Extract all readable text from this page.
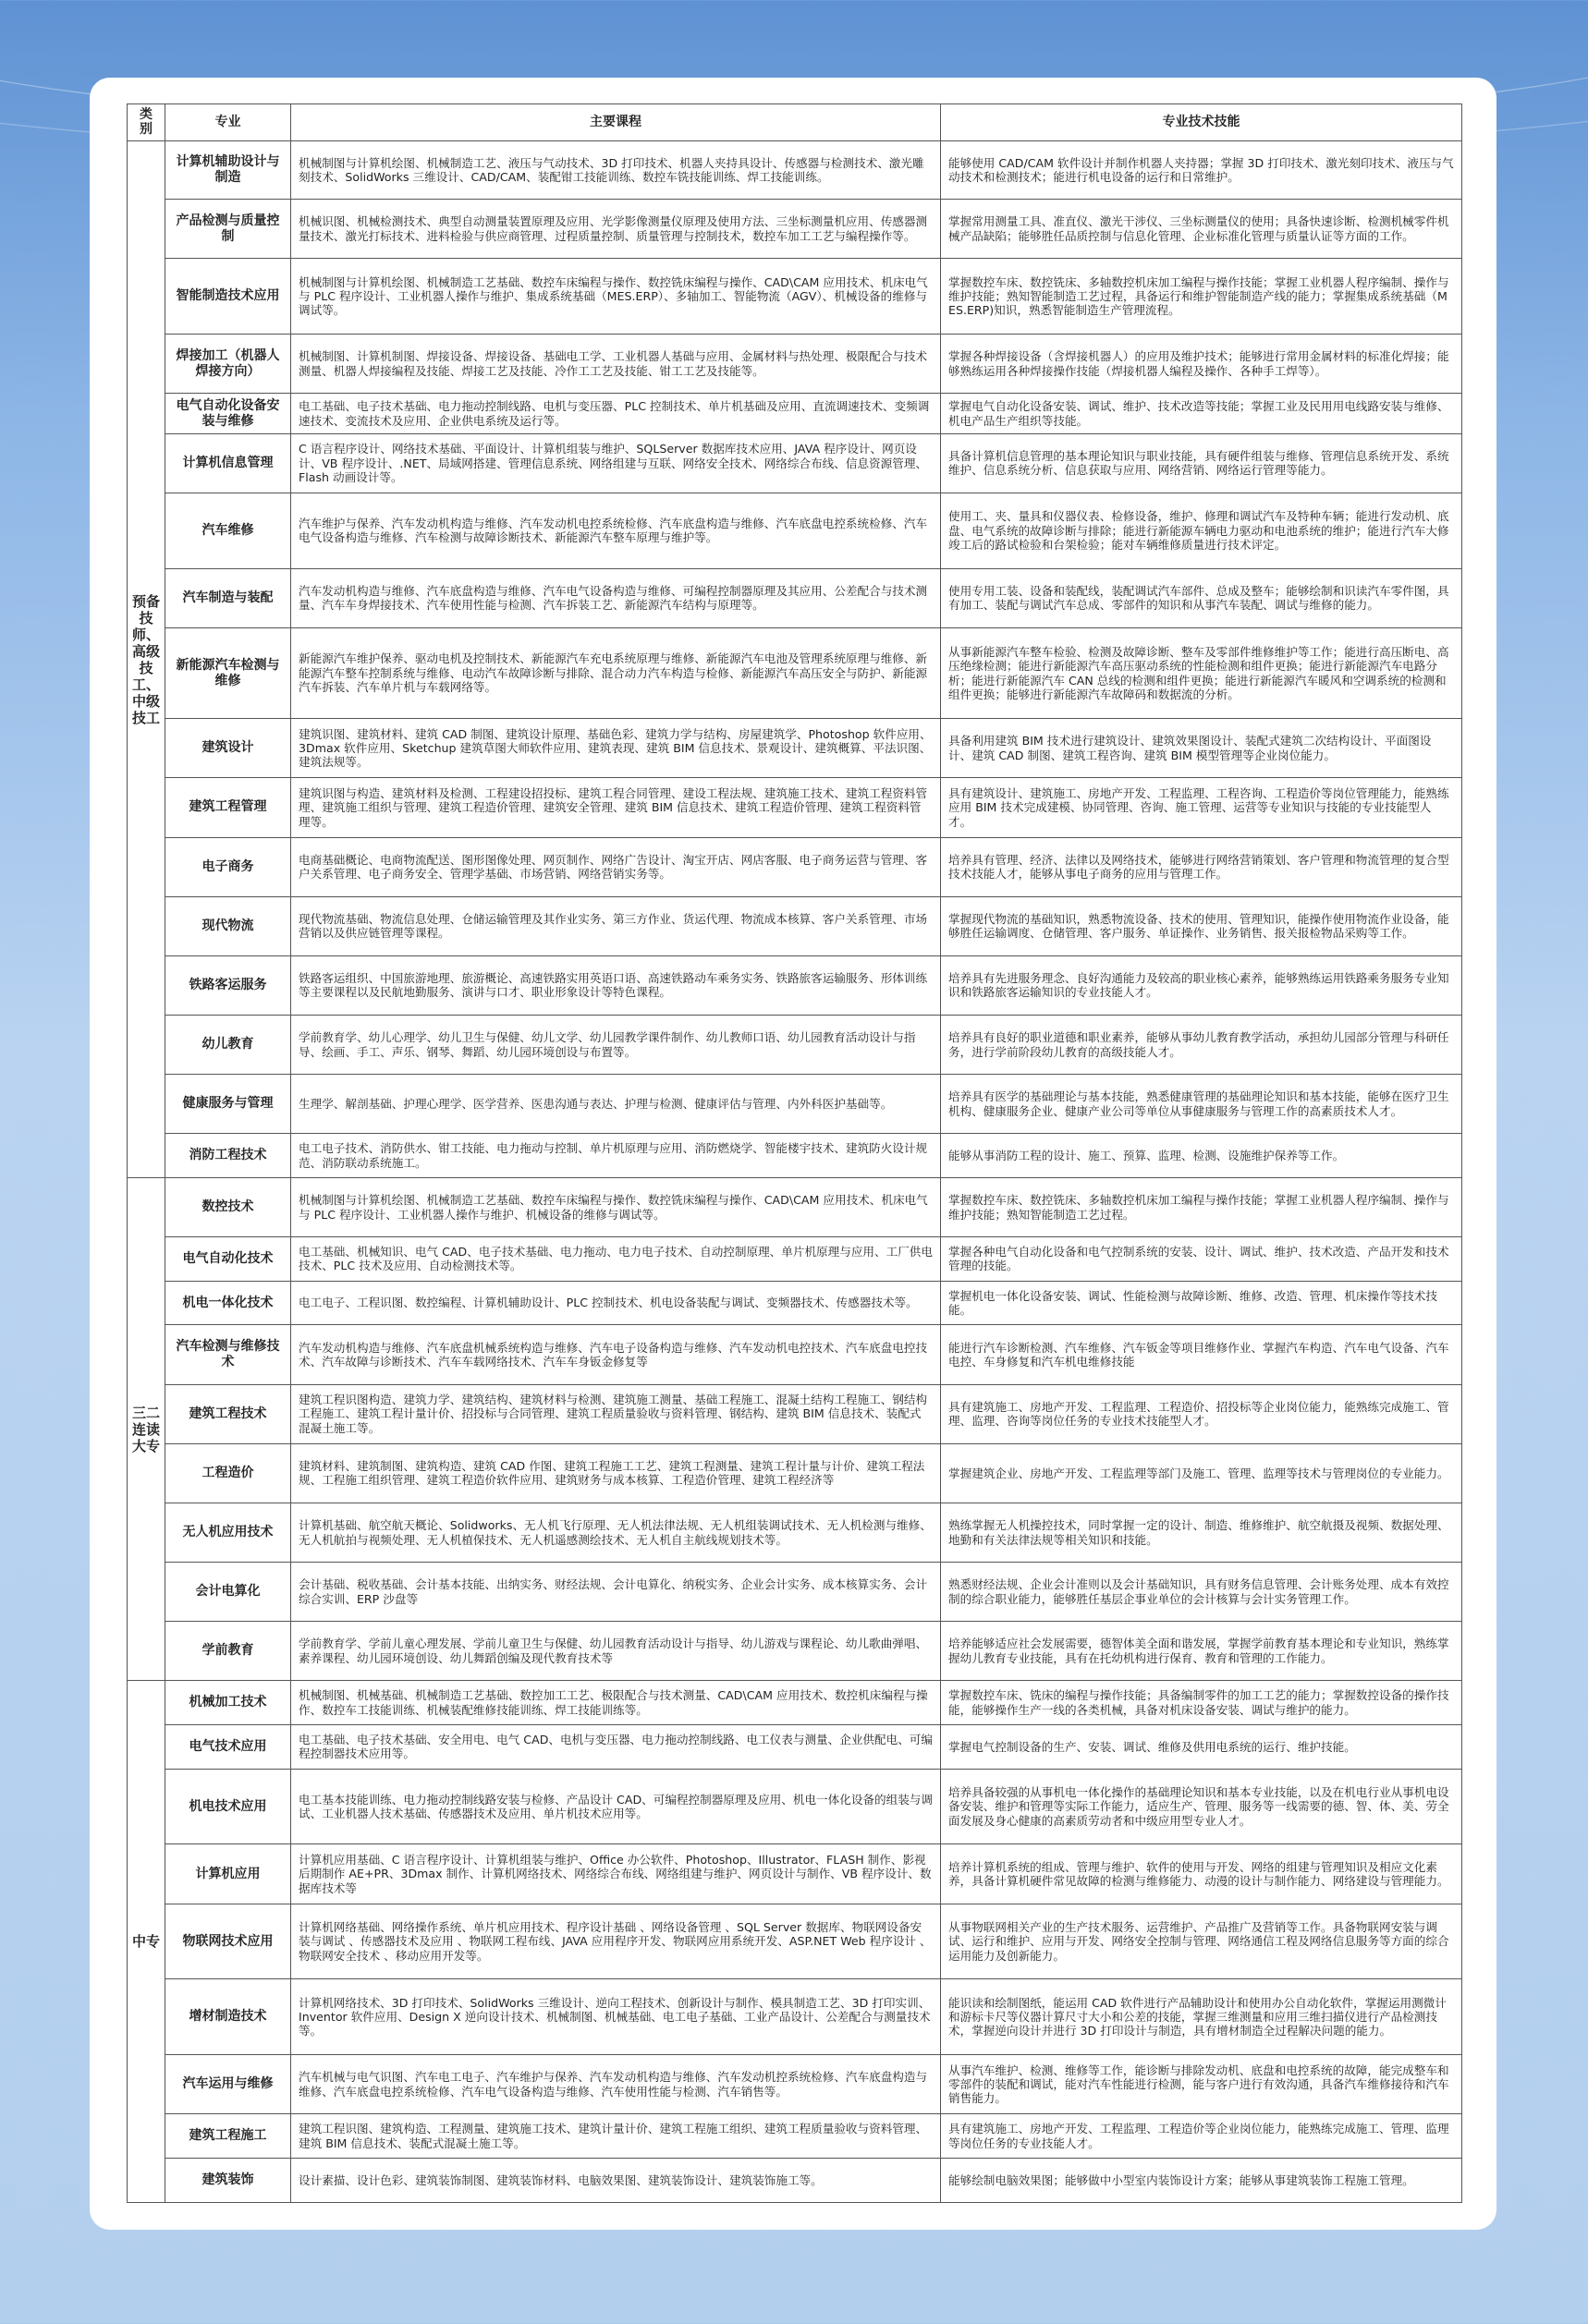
类别	专业	主要课程	专业技术技能
预备技师、高级技工、中级技工	计算机辅助设计与制造	机械制图与计算机绘图、机械制造工艺、液压与气动技术、3D 打印技术、机器人夹持具设计、传感器与检测技术、激光雕刻技术、SolidWorks 三维设计、CAD/CAM、装配钳工技能训练、数控车铣技能训练、焊工技能训练。	能够使用 CAD/CAM 软件设计并制作机器人夹持器；掌握 3D 打印技术、激光刻印技术、液压与气动技术和检测技术；能进行机电设备的运行和日常维护。
	产品检测与质量控制	机械识图、机械检测技术、典型自动测量装置原理及应用、光学影像测量仪原理及使用方法、三坐标测量机应用、传感器测量技术、激光打标技术、进料检验与供应商管理、过程质量控制、质量管理与控制技术，数控车加工工艺与编程操作等。	掌握常用测量工具、准直仪、激光干涉仪、三坐标测量仪的使用；具备快速诊断、检测机械零件机械产品缺陷；能够胜任品质控制与信息化管理、企业标准化管理与质量认证等方面的工作。
	智能制造技术应用	机械制图与计算机绘图、机械制造工艺基础、数控车床编程与操作、数控铣床编程与操作、CAD\CAM 应用技术、机床电气与 PLC 程序设计、工业机器人操作与维护、集成系统基础（MES.ERP）、多轴加工、智能物流（AGV）、机械设备的维修与调试等。	掌握数控车床、数控铣床、多轴数控机床加工编程与操作技能；掌握工业机器人程序编制、操作与维护技能；熟知智能制造工艺过程，具备运行和维护智能制造产线的能力；掌握集成系统基础（MES.ERP)知识，熟悉智能制造生产管理流程。
	焊接加工（机器人焊接方向）	机械制图、计算机制图、焊接设备、焊接设备、基础电工学、工业机器人基础与应用、金属材料与热处理、极限配合与技术测量、机器人焊接编程及技能、焊接工艺及技能、冷作工工艺及技能、钳工工艺及技能等。	掌握各种焊接设备（含焊接机器人）的应用及维护技术；能够进行常用金属材料的标准化焊接；能够熟练运用各种焊接操作技能（焊接机器人编程及操作、各种手工焊等）。
	电气自动化设备安装与维修	电工基础、电子技术基础、电力拖动控制线路、电机与变压器、PLC 控制技术、单片机基础及应用、直流调速技术、变频调速技术、变流技术及应用、企业供电系统及运行等。	掌握电气自动化设备安装、调试、维护、技术改造等技能；掌握工业及民用用电线路安装与维修、机电产品生产组织等技能。
	计算机信息管理	C 语言程序设计、网络技术基础、平面设计、计算机组装与维护、SQLServer 数据库技术应用、JAVA 程序设计、网页设计、VB 程序设计、.NET、局域网搭建、管理信息系统、网络组建与互联、网络安全技术、网络综合布线、信息资源管理、Flash 动画设计等。	具备计算机信息管理的基本理论知识与职业技能，具有硬件组装与维修、管理信息系统开发、系统维护、信息系统分析、信息获取与应用、网络营销、网络运行管理等能力。
	汽车维修	汽车维护与保养、汽车发动机构造与维修、汽车发动机电控系统检修、汽车底盘构造与维修、汽车底盘电控系统检修、汽车电气设备构造与维修、汽车检测与故障诊断技术、新能源汽车整车原理与维护等。	使用工、夹、量具和仪器仪表、检修设备，维护、修理和调试汽车及特种车辆；能进行发动机、底盘、电气系统的故障诊断与排除；能进行新能源车辆电力驱动和电池系统的维护；能进行汽车大修竣工后的路试检验和台架检验；能对车辆维修质量进行技术评定。
	汽车制造与装配	汽车发动机构造与维修、汽车底盘构造与维修、汽车电气设备构造与维修、可编程控制器原理及其应用、公差配合与技术测量、汽车车身焊接技术、汽车使用性能与检测、汽车拆装工艺、新能源汽车结构与原理等。	使用专用工装、设备和装配线，装配调试汽车部件、总成及整车；能够绘制和识读汽车零件图，具有加工、装配与调试汽车总成、零部件的知识和从事汽车装配、调试与维修的能力。
	新能源汽车检测与维修	新能源汽车维护保养、驱动电机及控制技术、新能源汽车充电系统原理与维修、新能源汽车电池及管理系统原理与维修、新能源汽车整车控制系统与维修、电动汽车故障诊断与排除、混合动力汽车构造与检修、新能源汽车高压安全与防护、新能源汽车拆装、汽车单片机与车载网络等。	从事新能源汽车整车检验、检测及故障诊断、整车及零部件维修维护等工作；能进行高压断电、高压绝缘检测；能进行新能源汽车高压驱动系统的性能检测和组件更换；能进行新能源汽车电路分析；能进行新能源汽车 CAN 总线的检测和组件更换；能进行新能源汽车暖风和空调系统的检测和组件更换；能够进行新能源汽车故障码和数据流的分析。
	建筑设计	建筑识图、建筑材料、建筑 CAD 制图、建筑设计原理、基础色彩、建筑力学与结构、房屋建筑学、Photoshop 软件应用、3Dmax 软件应用、Sketchup 建筑草图大师软件应用、建筑表现、建筑 BIM 信息技术、景观设计、建筑概算、平法识图、建筑法规等。	具备利用建筑 BIM 技术进行建筑设计、建筑效果图设计、装配式建筑二次结构设计、平面图设计、建筑 CAD 制图、建筑工程咨询、建筑 BIM 模型管理等企业岗位能力。
	建筑工程管理	建筑识图与构造、建筑材料及检测、工程建设招投标、建筑工程合同管理、建设工程法规、建筑施工技术、建筑工程资料管理、建筑施工组织与管理、建筑工程造价管理、建筑安全管理、建筑 BIM 信息技术、建筑工程造价管理、建筑工程资料管理等。	具有建筑设计、建筑施工、房地产开发、工程监理、工程咨询、工程造价等岗位管理能力，能熟练应用 BIM 技术完成建模、协同管理、咨询、施工管理、运营等专业知识与技能的专业技能型人才。
	电子商务	电商基础概论、电商物流配送、图形图像处理、网页制作、网络广告设计、淘宝开店、网店客服、电子商务运营与管理、客户关系管理、电子商务安全、管理学基础、市场营销、网络营销实务等。	培养具有管理、经济、法律以及网络技术，能够进行网络营销策划、客户管理和物流管理的复合型技术技能人才，能够从事电子商务的应用与管理工作。
	现代物流	现代物流基础、物流信息处理、仓储运输管理及其作业实务、第三方作业、货运代理、物流成本核算、客户关系管理、市场营销以及供应链管理等课程。	掌握现代物流的基础知识，熟悉物流设备、技术的使用、管理知识，能操作使用物流作业设备，能够胜任运输调度、仓储管理、客户服务、单证操作、业务销售、报关报检物品采购等工作。
	铁路客运服务	铁路客运组织、中国旅游地理、旅游概论、高速铁路实用英语口语、高速铁路动车乘务实务、铁路旅客运输服务、形体训练等主要课程以及民航地勤服务、演讲与口才、职业形象设计等特色课程。	培养具有先进服务理念、良好沟通能力及较高的职业核心素养，能够熟练运用铁路乘务服务专业知识和铁路旅客运输知识的专业技能人才。
	幼儿教育	学前教育学、幼儿心理学、幼儿卫生与保健、幼儿文学、幼儿园教学课件制作、幼儿教师口语、幼儿园教育活动设计与指导、绘画、手工、声乐、钢琴、舞蹈、幼儿园环境创设与布置等。	培养具有良好的职业道德和职业素养，能够从事幼儿教育教学活动，承担幼儿园部分管理与科研任务，进行学前阶段幼儿教育的高级技能人才。
	健康服务与管理	生理学、解剖基础、护理心理学、医学营养、医患沟通与表达、护理与检测、健康评估与管理、内外科医护基础等。	培养具有医学的基础理论与基本技能，熟悉健康管理的基础理论知识和基本技能，能够在医疗卫生机构、健康服务企业、健康产业公司等单位从事健康服务与管理工作的高素质技术人才。
	消防工程技术	电工电子技术、消防供水、钳工技能、电力拖动与控制、单片机原理与应用、消防燃烧学、智能楼宇技术、建筑防火设计规范、消防联动系统施工。	能够从事消防工程的设计、施工、预算、监理、检测、设施维护保养等工作。
三二连读大专	数控技术	机械制图与计算机绘图、机械制造工艺基础、数控车床编程与操作、数控铣床编程与操作、CAD\CAM 应用技术、机床电气与 PLC 程序设计、工业机器人操作与维护、机械设备的维修与调试等。	掌握数控车床、数控铣床、多轴数控机床加工编程与操作技能；掌握工业机器人程序编制、操作与维护技能；熟知智能制造工艺过程。
	电气自动化技术	电工基础、机械知识、电气 CAD、电子技术基础、电力拖动、电力电子技术、自动控制原理、单片机原理与应用、工厂供电技术、PLC 技术及应用、自动检测技术等。	掌握各种电气自动化设备和电气控制系统的安装、设计、调试、维护、技术改造、产品开发和技术管理的技能。
	机电一体化技术	电工电子、工程识图、数控编程、计算机辅助设计、PLC 控制技术、机电设备装配与调试、变频器技术、传感器技术等。	掌握机电一体化设备安装、调试、性能检测与故障诊断、维修、改造、管理、机床操作等技术技能。
	汽车检测与维修技术	汽车发动机构造与维修、汽车底盘机械系统构造与维修、汽车电子设备构造与维修、汽车发动机电控技术、汽车底盘电控技术、汽车故障与诊断技术、汽车车载网络技术、汽车车身钣金修复等	能进行汽车诊断检测、汽车维修、汽车钣金等项目维修作业、掌握汽车构造、汽车电气设备、汽车电控、车身修复和汽车机电维修技能
	建筑工程技术	建筑工程识图构造、建筑力学、建筑结构、建筑材料与检测、建筑施工测量、基础工程施工、混凝土结构工程施工、钢结构工程施工、建筑工程计量计价、招投标与合同管理、建筑工程质量验收与资料管理、钢结构、建筑 BIM 信息技术、装配式混凝土施工等。	具有建筑施工、房地产开发、工程监理、工程造价、招投标等企业岗位能力，能熟练完成施工、管理、监理、咨询等岗位任务的专业技术技能型人才。
	工程造价	建筑材料、建筑制图、建筑构造、建筑 CAD 作图、建筑工程施工工艺、建筑工程测量、建筑工程计量与计价、建筑工程法规、工程施工组织管理、建筑工程造价软件应用、建筑财务与成本核算、工程造价管理、建筑工程经济等	掌握建筑企业、房地产开发、工程监理等部门及施工、管理、监理等技术与管理岗位的专业能力。
	无人机应用技术	计算机基础、航空航天概论、Solidworks、无人机飞行原理、无人机法律法规、无人机组装调试技术、无人机检测与维修、无人机航拍与视频处理、无人机植保技术、无人机遥感测绘技术、无人机自主航线规划技术等。	熟练掌握无人机操控技术，同时掌握一定的设计、制造、维修维护、航空航摄及视频、数据处理、地勤和有关法律法规等相关知识和技能。
	会计电算化	会计基础、税收基础、会计基本技能、出纳实务、财经法规、会计电算化、纳税实务、企业会计实务、成本核算实务、会计综合实训、ERP 沙盘等	熟悉财经法规、企业会计准则以及会计基础知识，具有财务信息管理、会计账务处理、成本有效控制的综合职业能力，能够胜任基层企事业单位的会计核算与会计实务管理工作。
	学前教育	学前教育学、学前儿童心理发展、学前儿童卫生与保健、幼儿园教育活动设计与指导、幼儿游戏与课程论、幼儿歌曲弹唱、素养课程、幼儿园环境创设、幼儿舞蹈创编及现代教育技术等	培养能够适应社会发展需要，德智体美全面和谐发展，掌握学前教育基本理论和专业知识，熟练掌握幼儿教育专业技能，具有在托幼机构进行保育、教育和管理的工作能力。
中专	机械加工技术	机械制图、机械基础、机械制造工艺基础、数控加工工艺、极限配合与技术测量、CAD\CAM 应用技术、数控机床编程与操作、数控车工技能训练、机械装配维修技能训练、焊工技能训练等。	掌握数控车床、铣床的编程与操作技能；具备编制零件的加工工艺的能力；掌握数控设备的操作技能，能够操作生产一线的各类机械，具备对机床设备安装、调试与维护的能力。
	电气技术应用	电工基础、电子技术基础、安全用电、电气 CAD、电机与变压器、电力拖动控制线路、电工仪表与测量、企业供配电、可编程控制器技术应用等。	掌握电气控制设备的生产、安装、调试、维修及供用电系统的运行、维护技能。
	机电技术应用	电工基本技能训练、电力拖动控制线路安装与检修、产品设计 CAD、可编程控制器原理及应用、机电一体化设备的组装与调试、工业机器人技术基础、传感器技术及应用、单片机技术应用等。	培养具备较强的从事机电一体化操作的基础理论知识和基本专业技能，以及在机电行业从事机电设备安装、维护和管理等实际工作能力，适应生产、管理、服务等一线需要的德、智、体、美、劳全面发展及身心健康的高素质劳动者和中级应用型专业人才。
	计算机应用	计算机应用基础、C 语言程序设计、计算机组装与维护、Office 办公软件、Photoshop、Illustrator、FLASH 制作、影视后期制作 AE+PR、3Dmax 制作、计算机网络技术、网络综合布线、网络组建与维护、网页设计与制作、VB 程序设计、数据库技术等	培养计算机系统的组成、管理与维护、软件的使用与开发、网络的组建与管理知识及相应文化素养，具备计算机硬件常见故障的检测与维修能力、动漫的设计与制作能力、网络建设与管理能力。
	物联网技术应用	计算机网络基础、网络操作系统、单片机应用技术、程序设计基础 、网络设备管理 、SQL Server 数据库、物联网设备安装与调试 、传感器技术及应用 、物联网工程布线、JAVA 应用程序开发、物联网应用系统开发、ASP.NET Web 程序设计 、物联网安全技术 、移动应用开发等。	从事物联网相关产业的生产技术服务、运营维护、产品推广及营销等工作。具备物联网安装与调试、运行和维护、应用与开发、网络安全控制与管理、网络通信工程及网络信息服务等方面的综合运用能力及创新能力。
	增材制造技术	计算机网络技术、3D 打印技术、SolidWorks 三维设计、逆向工程技术、创新设计与制作、模具制造工艺、3D 打印实训、Inventor 软件应用、Design X 逆向设计技术、机械制图、机械基础、电工电子基础、工业产品设计、公差配合与测量技术等。	能识读和绘制图纸，能运用 CAD 软件进行产品辅助设计和使用办公自动化软件，掌握运用测微计和游标卡尺等仪器计算尺寸大小和公差的技能，掌握三维测量和应用三维扫描仪进行产品检测技术，掌握逆向设计并进行 3D 打印设计与制造，具有增材制造全过程解决问题的能力。
	汽车运用与维修	汽车机械与电气识图、汽车电工电子、汽车维护与保养、汽车发动机构造与维修、汽车发动机控系统检修、汽车底盘构造与维修、汽车底盘电控系统检修、汽车电气设备构造与维修、汽车使用性能与检测、汽车销售等。	从事汽车维护、检测、维修等工作，能诊断与排除发动机、底盘和电控系统的故障，能完成整车和零部件的装配和调试，能对汽车性能进行检测，能与客户进行有效沟通，具备汽车维修接待和汽车销售能力。
	建筑工程施工	建筑工程识图、建筑构造、工程测量、建筑施工技术、建筑计量计价、建筑工程施工组织、建筑工程质量验收与资料管理、建筑 BIM 信息技术、装配式混凝土施工等。	具有建筑施工、房地产开发、工程监理、工程造价等企业岗位能力，能熟练完成施工、管理、监理等岗位任务的专业技能人才。
	建筑装饰	设计素描、设计色彩、建筑装饰制图、建筑装饰材料、电脑效果图、建筑装饰设计、建筑装饰施工等。	能够绘制电脑效果图；能够做中小型室内装饰设计方案；能够从事建筑装饰工程施工管理。
